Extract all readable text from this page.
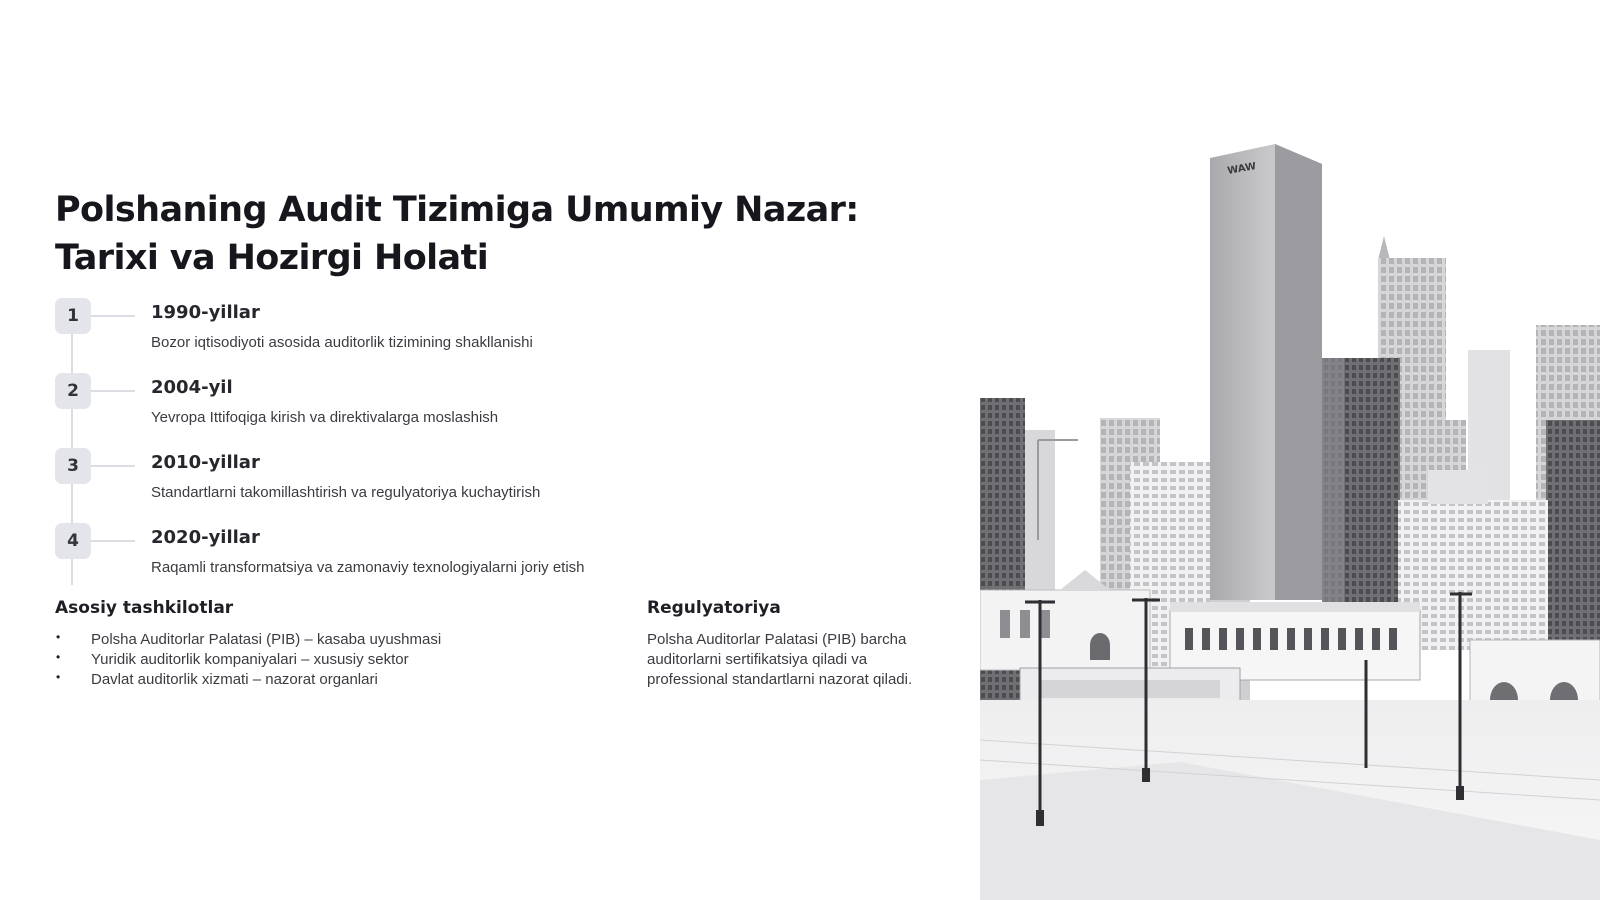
Polshaning Audit Tizimiga Umumiy Nazar: Tarixi va Hozirgi Holati
1	1990-yillar
Bozor iqtisodiyoti asosida auditorlik tizimining shakllanishi
2	2004-yil
Yevropa Ittifoqiga kirish va direktivalarga moslashish
3	2010-yillar
Standartlarni takomillashtirish va regulyatoriya kuchaytirish
4	2020-yillar
Raqamli transformatsiya va zamonaviy texnologiyalarni joriy etish
Asosiy tashkilotlar
• Polsha Auditorlar Palatasi (PIB) – kasaba uyushmasi
• Yuridik auditorlik kompaniyalari – xususiy sektor
• Davlat auditorlik xizmati – nazorat organlari
Regulyatoriya

Polsha Auditorlar Palatasi (PIB) barcha auditorlarni sertifikatsiya qiladi va professional standartlarni nazorat qiladi.

WAW
